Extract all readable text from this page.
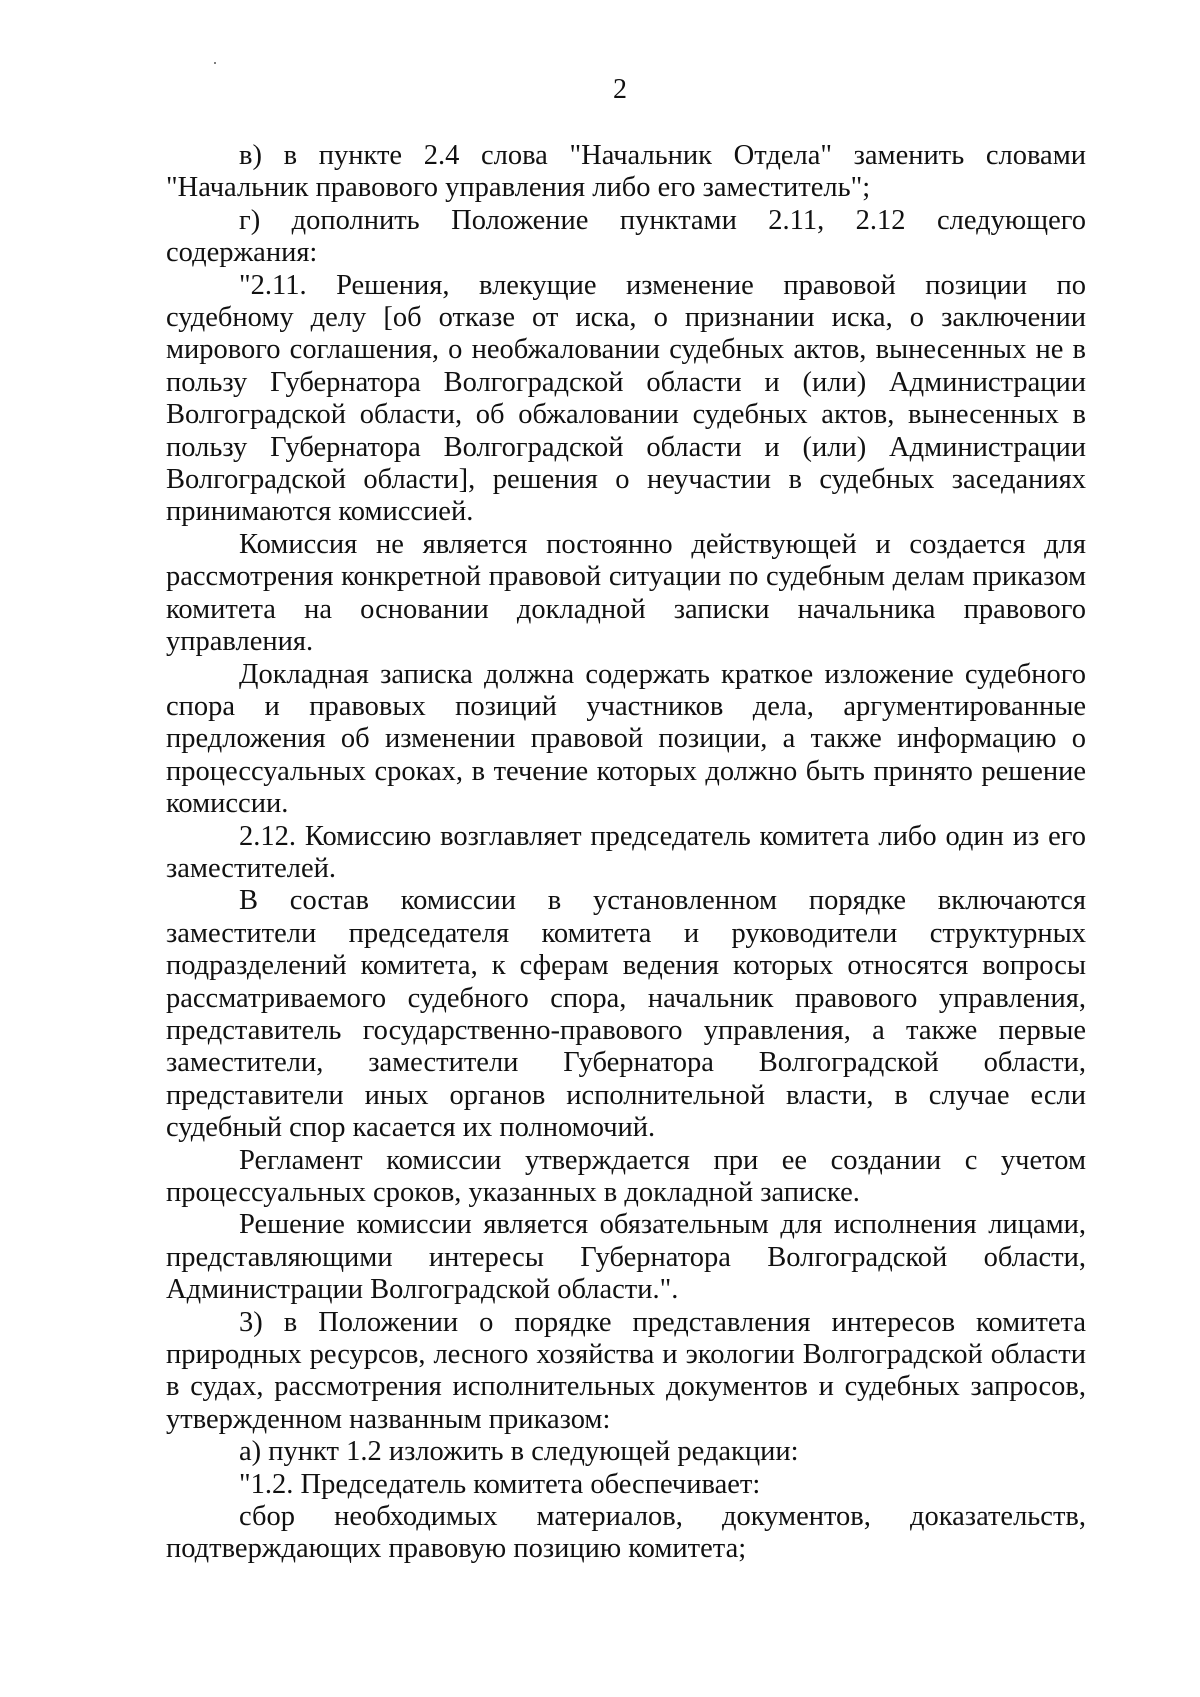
2

в) в пункте 2.4 слова "Начальник Отдела" заменить словами "Начальник правового управления либо его заместитель";

г) дополнить Положение пунктами 2.11, 2.12 следующего содержания:

"2.11. Решения, влекущие изменение правовой позиции по судебному делу [об отказе от иска, о признании иска, о заключении мирового соглашения, о необжаловании судебных актов, вынесенных не в пользу Губернатора Волгоградской области и (или) Администрации Волгоградской области, об обжаловании судебных актов, вынесенных в пользу Губернатора Волгоградской области и (или) Администрации Волгоградской области], решения о неучастии в судебных заседаниях принимаются комиссией.

Комиссия не является постоянно действующей и создается для рассмотрения конкретной правовой ситуации по судебным делам приказом комитета на основании докладной записки начальника правового управления.

Докладная записка должна содержать краткое изложение судебного спора и правовых позиций участников дела, аргументированные предложения об изменении правовой позиции, а также информацию о процессуальных сроках, в течение которых должно быть принято решение комиссии.

2.12. Комиссию возглавляет председатель комитета либо один из его заместителей.

В состав комиссии в установленном порядке включаются заместители председателя комитета и руководители структурных подразделений комитета, к сферам ведения которых относятся вопросы рассматриваемого судебного спора, начальник правового управления, представитель государственно-правового управления, а также первые заместители, заместители Губернатора Волгоградской области, представители иных органов исполнительной власти, в случае если судебный спор касается их полномочий.

Регламент комиссии утверждается при ее создании с учетом процессуальных сроков, указанных в докладной записке.

Решение комиссии является обязательным для исполнения лицами, представляющими интересы Губернатора Волгоградской области, Администрации Волгоградской области.".

3) в Положении о порядке представления интересов комитета природных ресурсов, лесного хозяйства и экологии Волгоградской области в судах, рассмотрения исполнительных документов и судебных запросов, утвержденном названным приказом:

а) пункт 1.2 изложить в следующей редакции:

"1.2. Председатель комитета обеспечивает:

сбор необходимых материалов, документов, доказательств, подтверждающих правовую позицию комитета;
